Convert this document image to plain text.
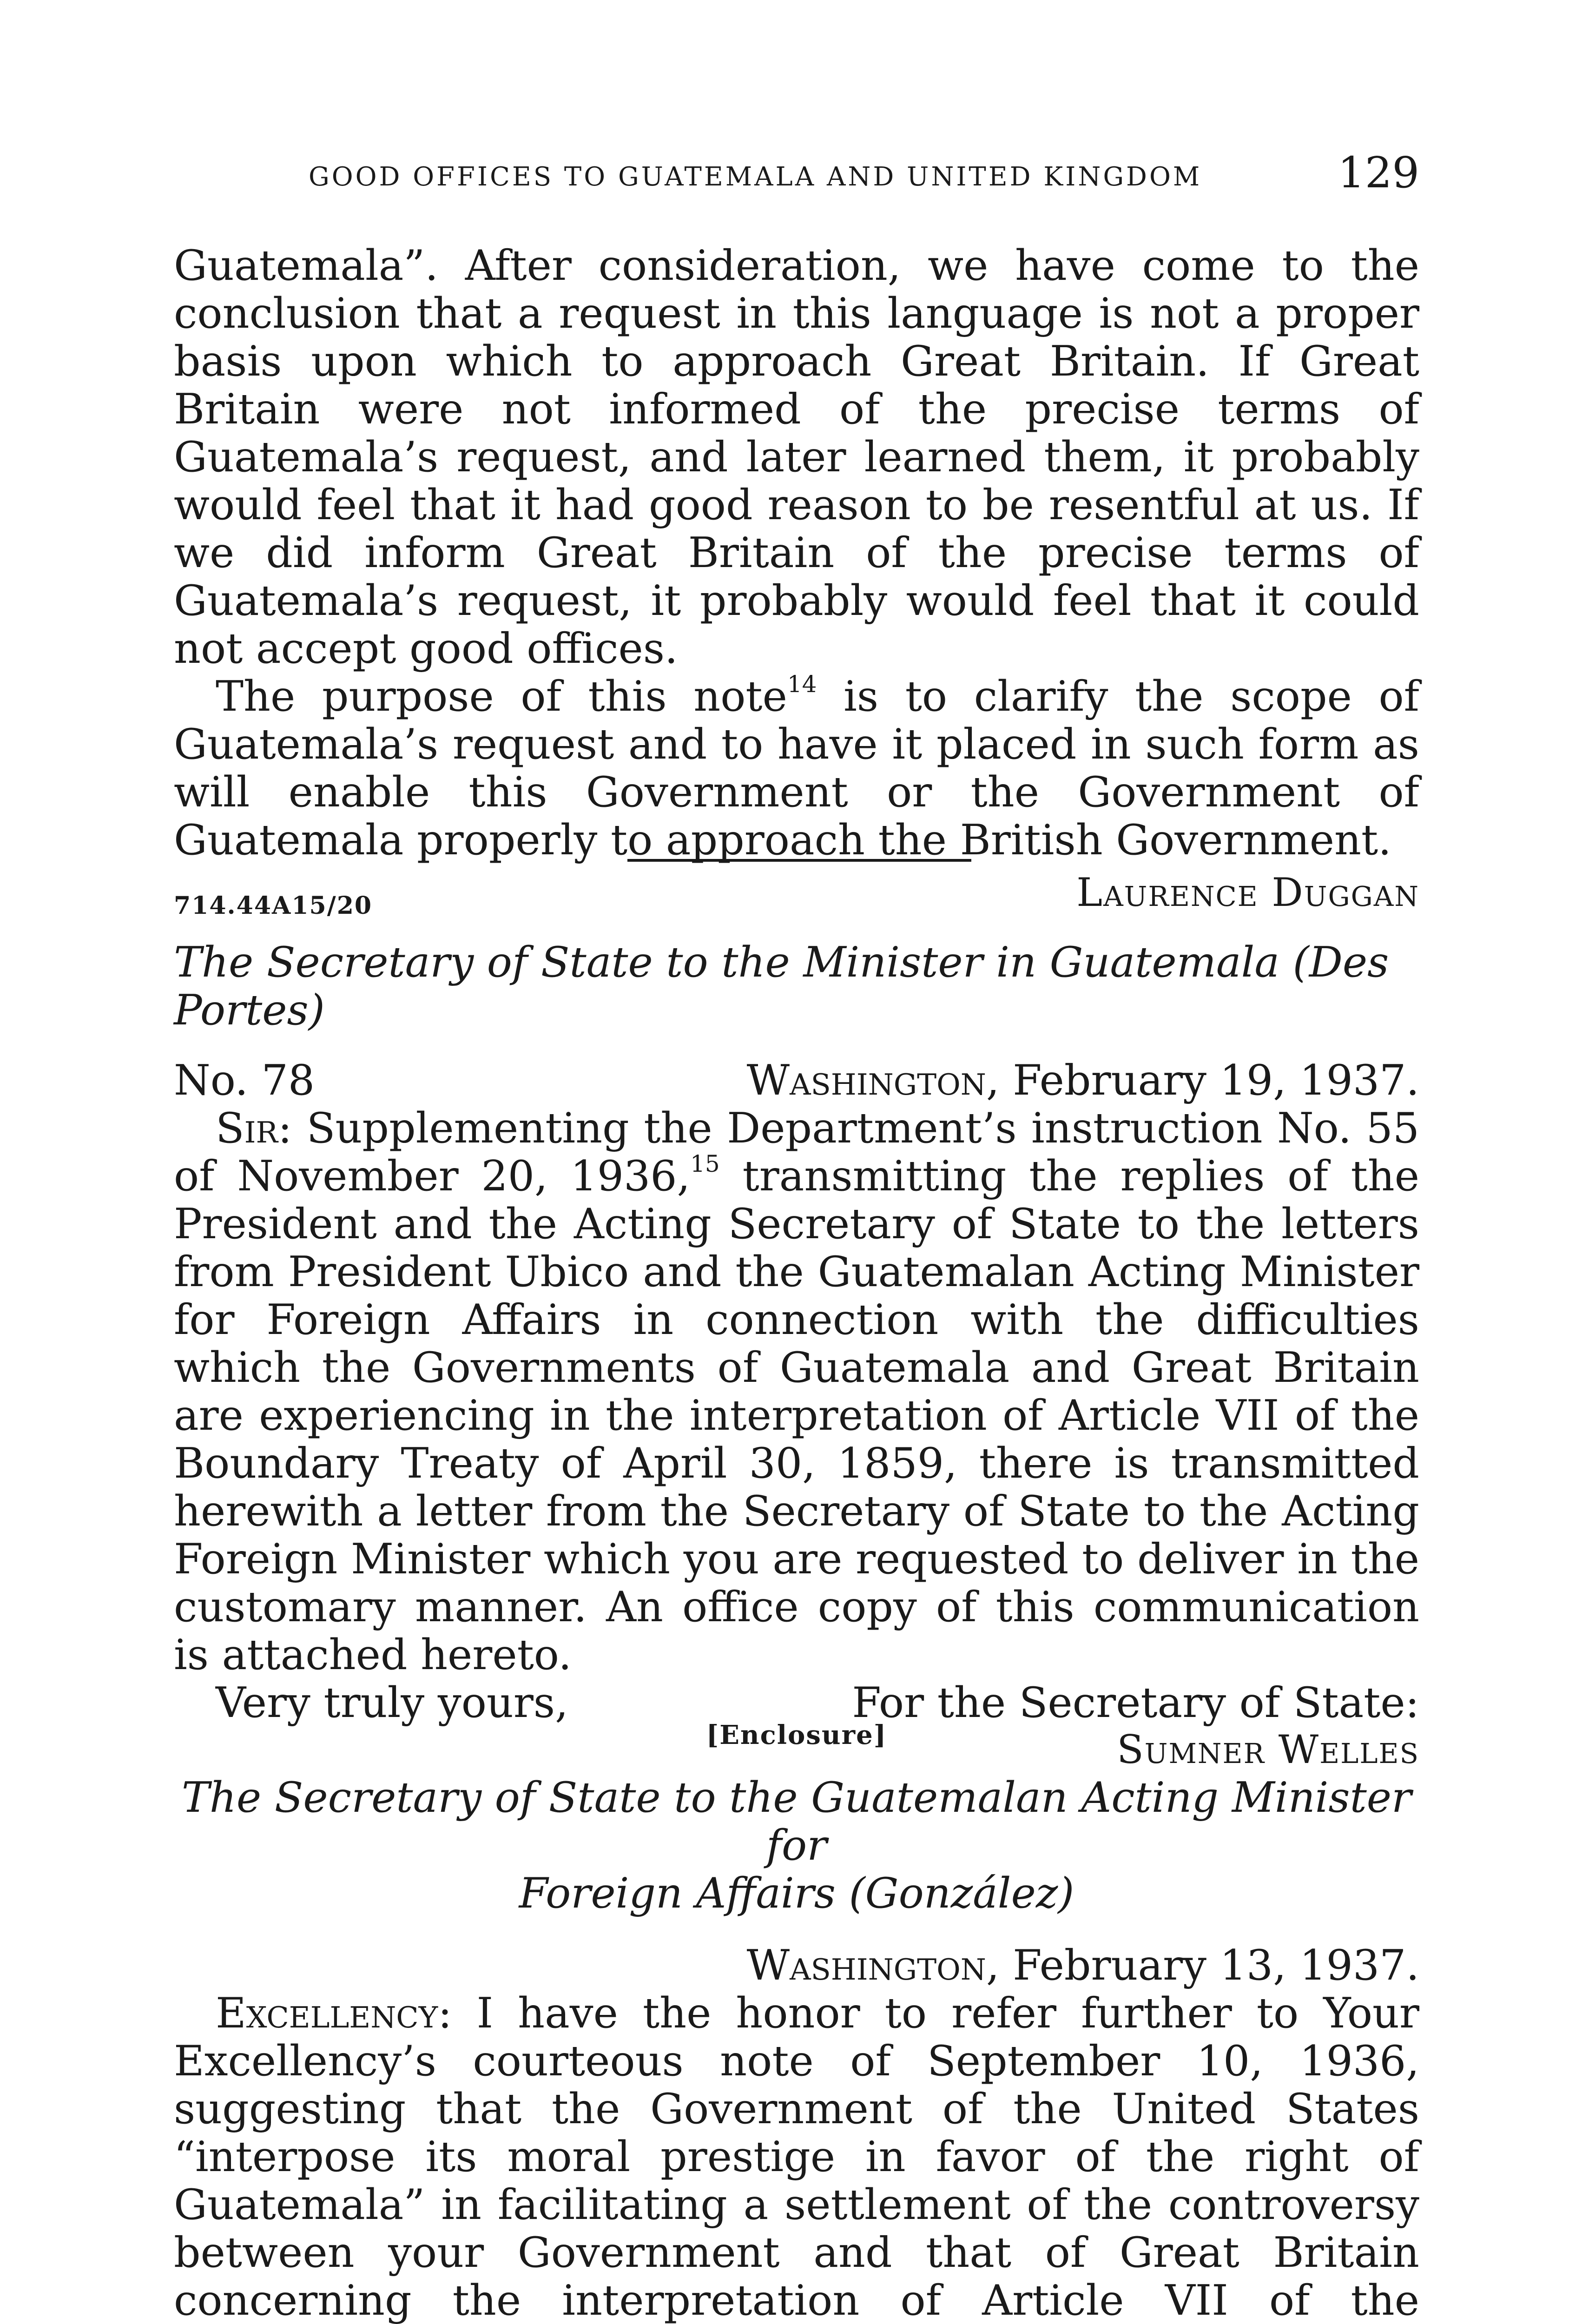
GOOD OFFICES TO GUATEMALA AND UNITED KINGDOM	129

Guatemala”. After consideration, we have come to the conclusion that a request in this language is not a proper basis upon which to approach Great Britain. If Great Britain were not informed of the precise terms of Guatemala’s request, and later learned them, it probably would feel that it had good reason to be resentful at us. If we did inform Great Britain of the precise terms of Guatemala’s request, it probably would feel that it could not accept good offices.

The purpose of this note$^{14}$ is to clarify the scope of Guatemala’s request and to have it placed in such form as will enable this Government or the Government of Guatemala properly to approach the British Government.

Laurence Duggan
714.44A15/20
The Secretary of State to the Minister in Guatemala (Des Portes)
No. 78	Washington, February 19, 1937.

Sir: Supplementing the Department’s instruction No. 55 of November 20, 1936,15 transmitting the replies of the President and the Acting Secretary of State to the letters from President Ubico and the Guatemalan Acting Minister for Foreign Affairs in connection with the difficulties which the Governments of Guatemala and Great Britain are experiencing in the interpretation of Article VII of the Boundary Treaty of April 30, 1859, there is transmitted herewith a letter from the Secretary of State to the Acting Foreign Minister which you are requested to deliver in the customary manner. An office copy of this communication is attached hereto.

Very truly yours,	For the Secretary of State:
Sumner Welles
[Enclosure]
The Secretary of State to the Guatemalan Acting Minister for
Foreign Affairs (González)
Washington, February 13, 1937.

Excellency: I have the honor to refer further to Your Excellency’s courteous note of September 10, 1936, suggesting that the Government of the United States “interpose its moral prestige in favor of the right of Guatemala” in facilitating a settlement of the controversy between your Government and that of Great Britain concerning the interpretation of Article VII of the
